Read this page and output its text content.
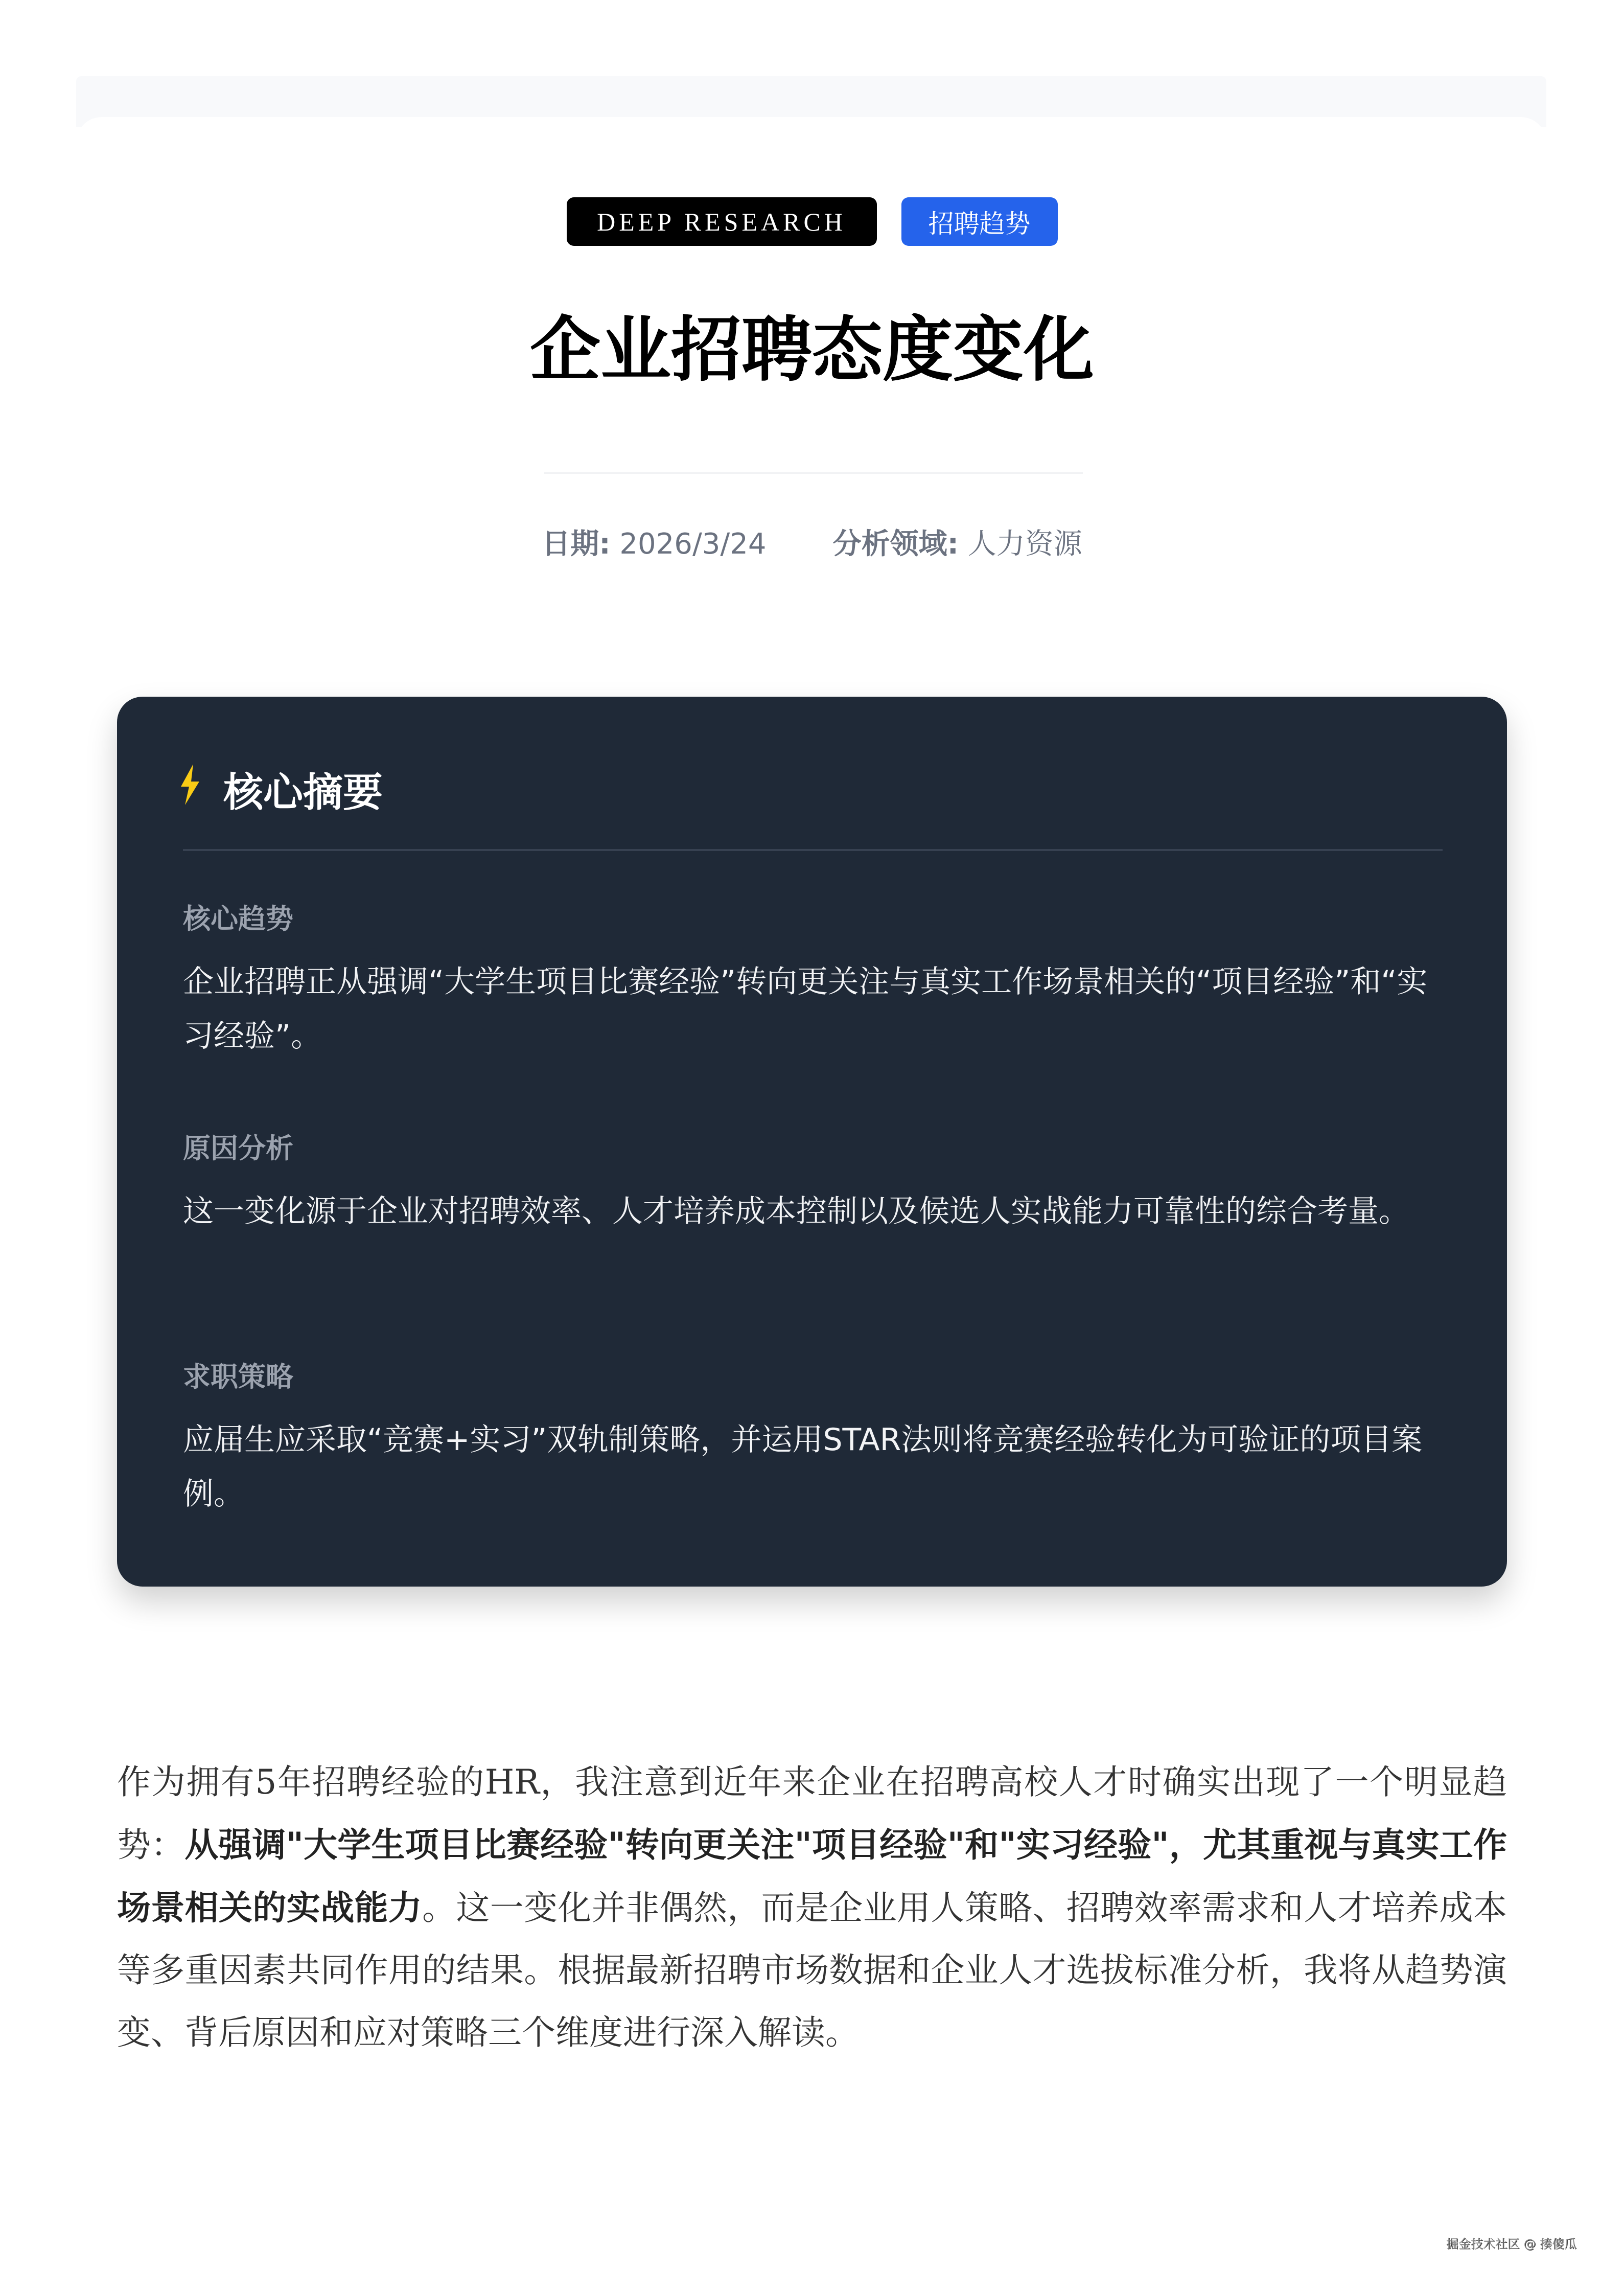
DEEP RESEARCH	招聘趋势
企业招聘态度变化
日期: 2026/3/24 分析领域: 人力资源
核心摘要
核心趋势
企业招聘正从强调“大学生项目比赛经验”转向更关注与真实工作场景相关的“项目经验”和“实习经验”。
原因分析
这一变化源于企业对招聘效率、人才培养成本控制以及候选人实战能力可靠性的综合考量。
求职策略
应届生应采取“竞赛+实习”双轨制策略，并运用STAR法则将竞赛经验转化为可验证的项目案例。

作为拥有5年招聘经验的HR，我注意到近年来企业在招聘高校人才时确实出现了一个明显趋势：从强调"大学生项目比赛经验"转向更关注"项目经验"和"实习经验"，尤其重视与真实工作场景相关的实战能力。这一变化并非偶然，而是企业用人策略、招聘效率需求和人才培养成本等多重因素共同作用的结果。根据最新招聘市场数据和企业人才选拔标准分析，我将从趋势演变、背后原因和应对策略三个维度进行深入解读。

掘金技术社区 @ 揍傻瓜
